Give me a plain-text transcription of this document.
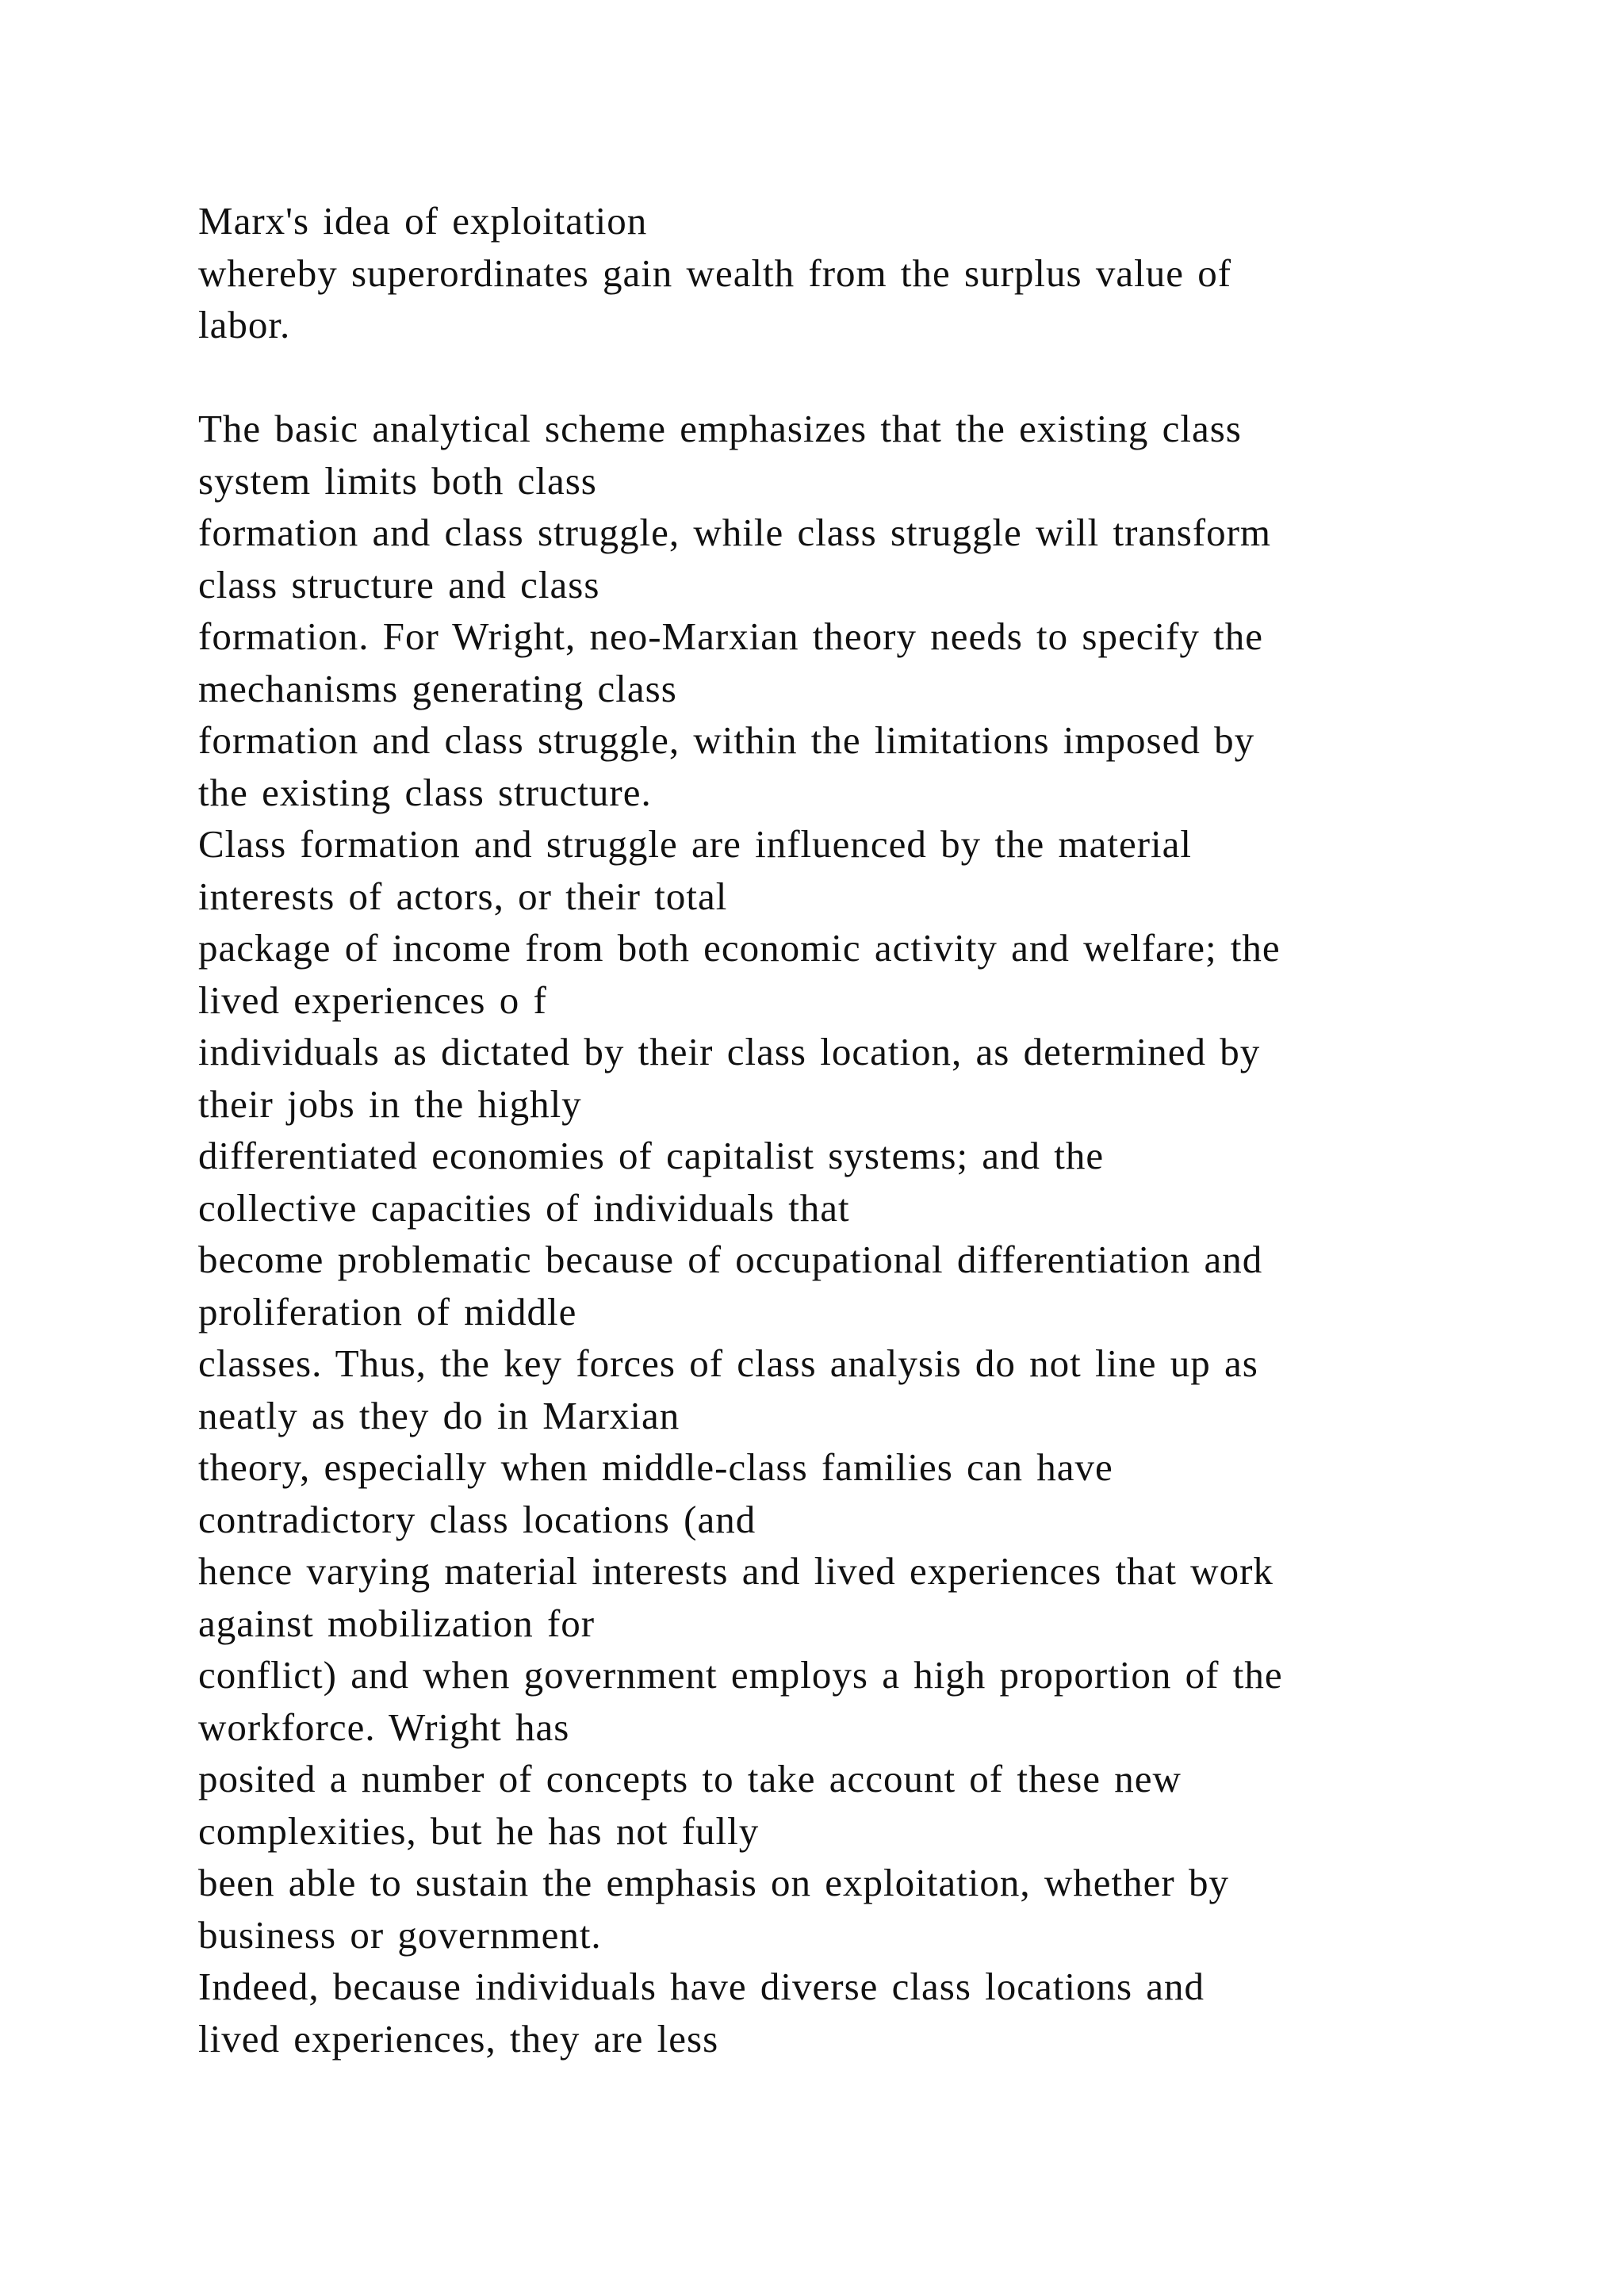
Marx's idea of exploitation
whereby superordinates gain wealth from the surplus value of
labor.
The basic analytical scheme emphasizes that the existing class
system limits both class
formation and class struggle, while class struggle will transform
class structure and class
formation. For Wright, neo-Marxian theory needs to specify the
mechanisms generating class
formation and class struggle, within the limitations imposed by
the existing class structure.
Class formation and struggle are influenced by the material
interests of actors, or their total
package of income from both economic activity and welfare; the
lived experiences o f
individuals as dictated by their class location, as determined by
their jobs in the highly
differentiated economies of capitalist systems; and the
collective capacities of individuals that
become problematic because of occupational differentiation and
proliferation of middle
classes. Thus, the key forces of class analysis do not line up as
neatly as they do in Marxian
theory, especially when middle-class families can have
contradictory class locations (and
hence varying material interests and lived experiences that work
against mobilization for
conflict) and when government employs a high proportion of the
workforce. Wright has
posited a number of concepts to take account of these new
complexities, but he has not fully
been able to sustain the emphasis on exploitation, whether by
business or government.
Indeed, because individuals have diverse class locations and
lived experiences, they are less
